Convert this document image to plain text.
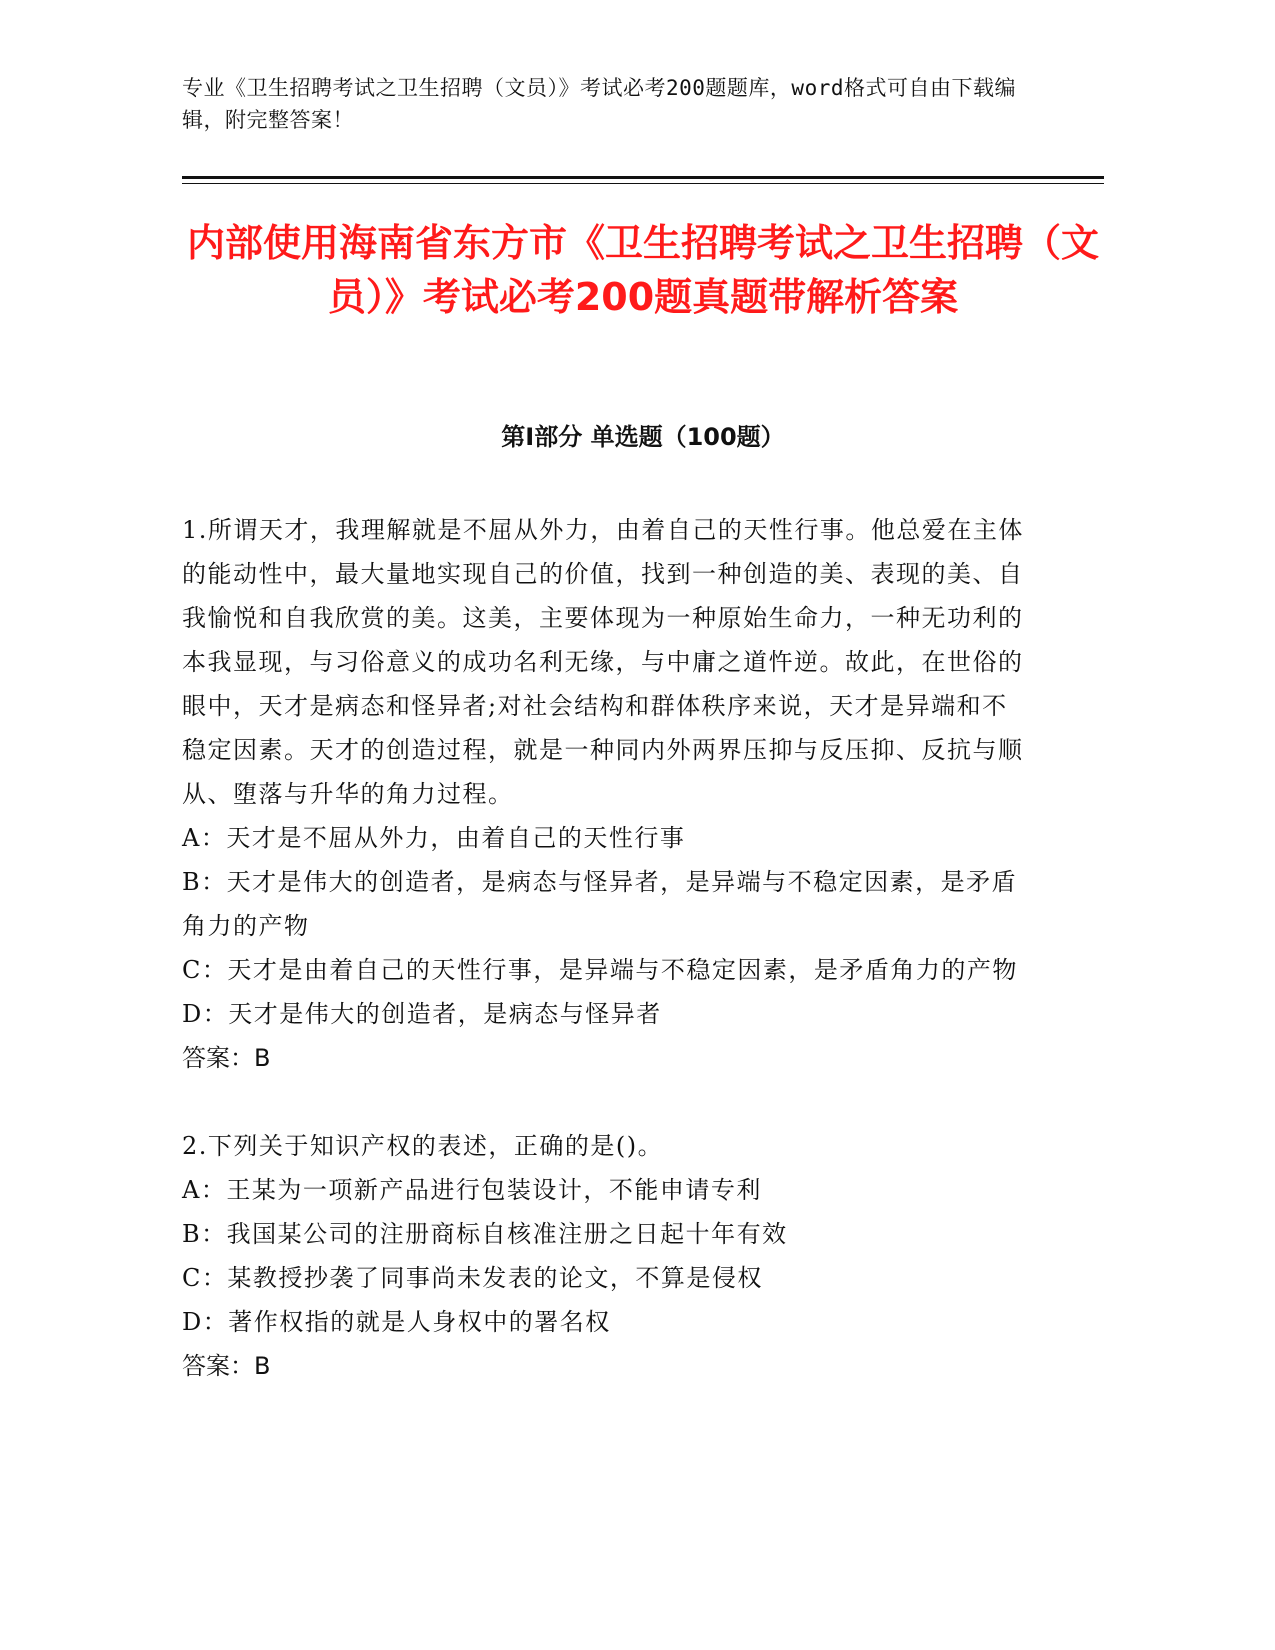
专业《卫生招聘考试之卫生招聘（文员）》考试必考200题题库，word格式可自由下载编辑，附完整答案！
内部使用海南省东方市《卫生招聘考试之卫生招聘（文员）》考试必考200题真题带解析答案
第I部分 单选题（100题）

1.所谓天才，我理解就是不屈从外力，由着自己的天性行事。他总爱在主体的能动性中，最大量地实现自己的价值，找到一种创造的美、表现的美、自我愉悦和自我欣赏的美。这美，主要体现为一种原始生命力，一种无功利的本我显现，与习俗意义的成功名利无缘，与中庸之道忤逆。故此，在世俗的眼中，天才是病态和怪异者;对社会结构和群体秩序来说，天才是异端和不稳定因素。天才的创造过程，就是一种同内外两界压抑与反压抑、反抗与顺从、堕落与升华的角力过程。

A：天才是不屈从外力，由着自己的天性行事

B：天才是伟大的创造者，是病态与怪异者，是异端与不稳定因素，是矛盾角力的产物

C：天才是由着自己的天性行事，是异端与不稳定因素，是矛盾角力的产物

D：天才是伟大的创造者，是病态与怪异者

答案：B

2.下列关于知识产权的表述，正确的是()。

A：王某为一项新产品进行包装设计，不能申请专利

B：我国某公司的注册商标自核准注册之日起十年有效

C：某教授抄袭了同事尚未发表的论文，不算是侵权

D：著作权指的就是人身权中的署名权

答案：B
